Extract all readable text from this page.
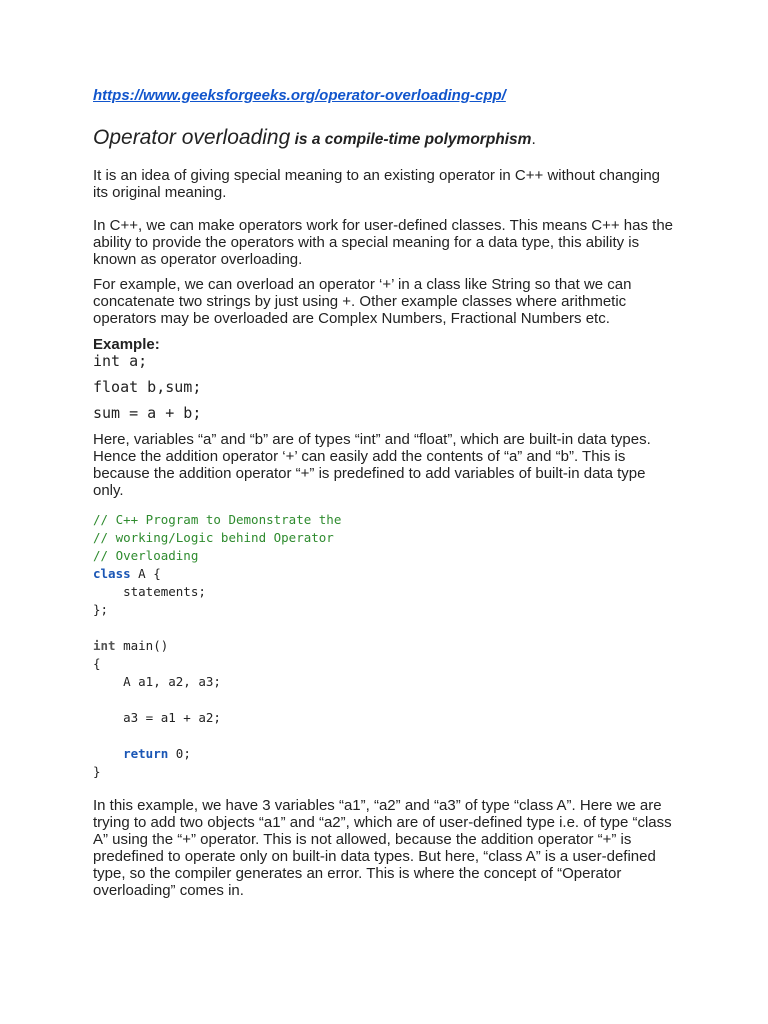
https://www.geeksforgeeks.org/operator-overloading-cpp/
Operator overloading is a compile-time polymorphism.

It is an idea of giving special meaning to an existing operator in C++ without changing its original meaning.

In C++, we can make operators work for user-defined classes. This means C++ has the ability to provide the operators with a special meaning for a data type, this ability is known as operator overloading.

For example, we can overload an operator ‘+’ in a class like String so that we can concatenate two strings by just using +. Other example classes where arithmetic operators may be overloaded are Complex Numbers, Fractional Numbers etc.

Example:
int a;
float b,sum;
sum = a + b;

Here, variables “a” and “b” are of types “int” and “float”, which are built-in data types. Hence the addition operator ‘+’ can easily add the contents of “a” and “b”. This is because the addition operator “+” is predefined to add variables of built-in data type only.

// C++ Program to Demonstrate the
// working/Logic behind Operator
// Overloading
class A {
statements;
};
int main()
{
A a1, a2, a3;
a3 = a1 + a2;
return 0;
}

In this example, we have 3 variables “a1”, “a2” and “a3” of type “class A”. Here we are trying to add two objects “a1” and “a2”, which are of user-defined type i.e. of type “class A” using the “+” operator. This is not allowed, because the addition operator “+” is predefined to operate only on built-in data types. But here, “class A” is a user-defined type, so the compiler generates an error. This is where the concept of “Operator overloading” comes in.
